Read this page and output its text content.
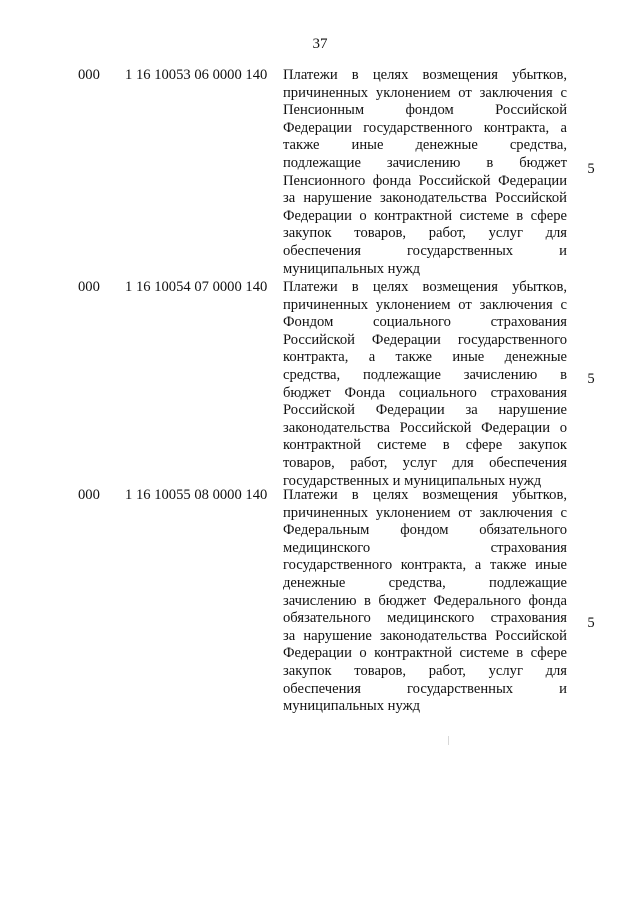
37
000	1 16 10053 06 0000 140	Платежи в целях возмещения убытков,
причиненных уклонением от заключения с
Пенсионным фондом Российской
Федерации государственного контракта, а
также иные денежные средства,
подлежащие зачислению в бюджет
Пенсионного фонда Российской Федерации
за нарушение законодательства Российской
Федерации о контрактной системе в сфере
закупок товаров, работ, услуг для
обеспечения государственных и
муниципальных нужд
5
000	1 16 10054 07 0000 140	Платежи в целях возмещения убытков,
причиненных уклонением от заключения с
Фондом социального страхования
Российской Федерации государственного
контракта, а также иные денежные
средства, подлежащие зачислению в
бюджет Фонда социального страхования
Российской Федерации за нарушение
законодательства Российской Федерации о
контрактной системе в сфере закупок
товаров, работ, услуг для обеспечения
государственных и муниципальных нужд
5
000	1 16 10055 08 0000 140	Платежи в целях возмещения убытков,
причиненных уклонением от заключения с
Федеральным фондом обязательного
медицинского страхования
государственного контракта, а также иные
денежные средства, подлежащие
зачислению в бюджет Федерального фонда
обязательного медицинского страхования
за нарушение законодательства Российской
Федерации о контрактной системе в сфере
закупок товаров, работ, услуг для
обеспечения государственных и
муниципальных нужд
5
